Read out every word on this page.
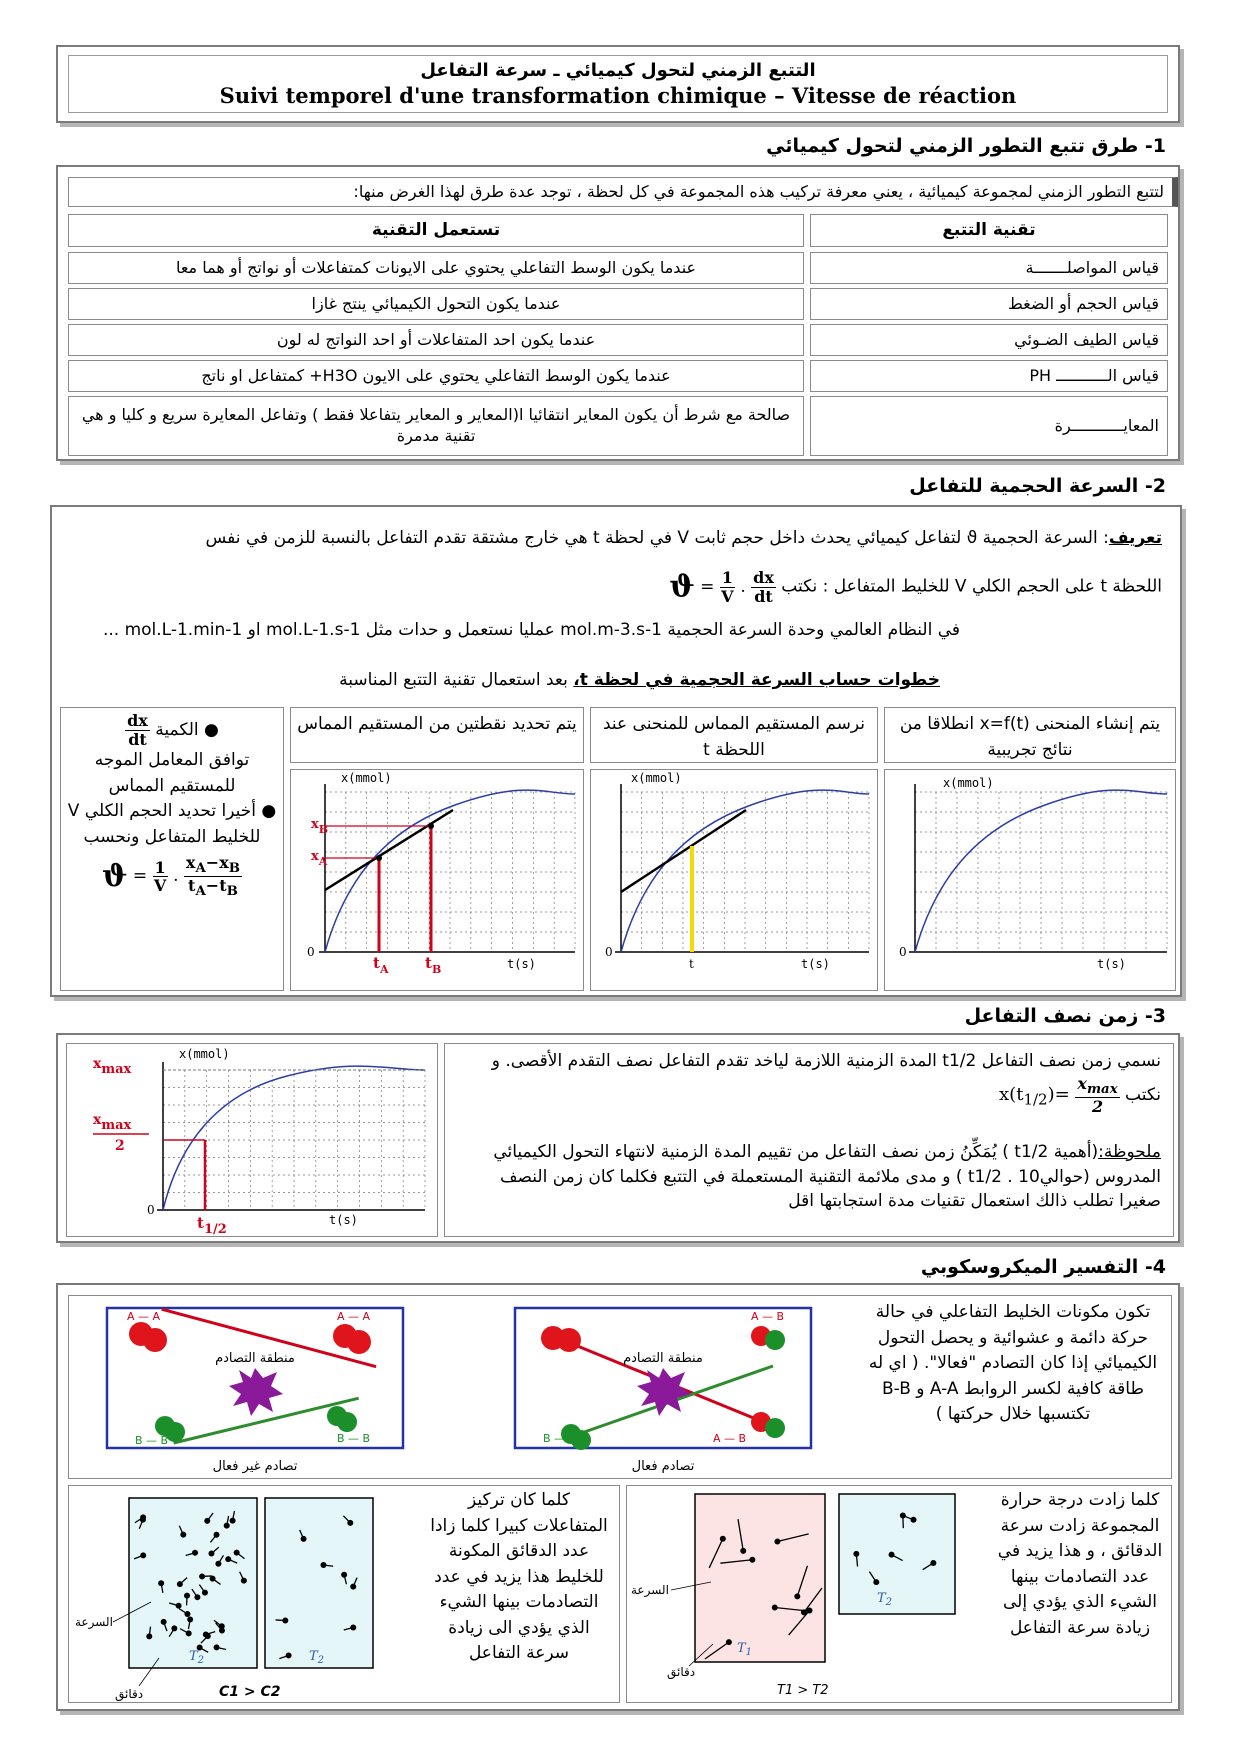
التتبع الزمني لتحول كيميائي ـ سرعة التفاعل
Suivi temporel d'une transformation chimique – Vitesse de réaction
1- طرق تتبع التطور الزمني لتحول كيميائي
لتتبع التطور الزمني لمجموعة كيميائية ، يعني معرفة تركيب هذه المجموعة في كل لحظة ، توجد عدة طرق لهذا الغرض منها:
تقنية التتبع
تستعمل التقنية
قياس المواصلـــــــة
عندما يكون الوسط التفاعلي يحتوي على الايونات كمتفاعلات أو نواتج أو هما معا
قياس الحجم أو الضغط
عندما يكون التحول الكيميائي ينتج غازا
قياس الطيف الضـوئي
عندما يكون احد المتفاعلات أو احد النواتج له لون
قياس الـــــــــــ PH
عندما يكون الوسط التفاعلي يحتوي على الايون H3O+ كمتفاعل او ناتج
المعايـــــــــــرة
صالحة مع شرط أن يكون المعاير انتقائيا ا(المعاير و المعاير يتفاعلا فقط ) وتفاعل المعايرة سريع و كليا و هي تقنية مدمرة
2- السرعة الحجمية للتفاعل
تعريف: السرعة الحجمية ϑ لتفاعل كيميائي يحدث داخل حجم ثابت V في لحظة t هي خارج مشتقة تقدم التفاعل بالنسبة للزمن في نفس
اللحظة t على الحجم الكلي V للخليط المتفاعل : نكتب $ϑ = \frac{1}{V}$ . $\frac{dx}{dt}$
في النظام العالمي وحدة السرعة الحجمية mol.m-3.s-1 عمليا نستعمل و حدات مثل mol.L-1.s-1 او mol.L-1.min-1 ...
خطوات حساب السرعة الحجمية في لحظة t، بعد استعمال تقنية التتبع المناسبة
يتم إنشاء المنحنى x=f(t) انطلاقا من نتائج تجريبية
نرسم المستقيم المماس للمنحنى عند اللحظة t
يتم تحديد نقطتين من المستقيم المماس
x(mmol)
t(s)
0
x(mmol)
t(s)
0
t
$x_B$
$x_A$
$t_A$ $t_B$
x(mmol)
t(s)
0
● الكمية
$\frac{dx}{dt}$
توافق المعامل الموجه للمستقيم المماس
● أخيرا تحديد الحجم الكلي V للخليط المتفاعل ونحسب
$ϑ = \frac{1}{V}$ . $\frac{x_A-x_B}{t_A-t_B}$
3- زمن نصف التفاعل
x(mmol)
t(s)
0
xmax
xmax
2
t1/2
نسمي زمن نصف التفاعل t1/2 المدة الزمنية اللازمة لياخد تقدم التفاعل نصف التقدم الأقصى. و نكتب $x(t_{1/2})= \frac{x_{max}}{2}$
ملحوظة:(أهمية t1/2 ) يُمَكِّنُ زمن نصف التفاعل من تقييم المدة الزمنية لانتهاء التحول الكيميائي المدروس (حوالي10 . t1/2 ) و مدى ملائمة التقنية المستعملة في التتبع فكلما كان زمن النصف صغيرا تطلب ذالك استعمال تقنيات مدة استجابتها اقل
4- التفسير الميكروسكوبي
تكون مكونات الخليط التفاعلي في حالة حركة دائمة و عشوائية و يحصل التحول الكيميائي إذا كان التصادم "فعالا". ( اي له طاقة كافية لكسر الروابط A-A و B-B تكتسبها خلال حركتها )
منطقة التصادم
A — B
A — B
B — B
تصادم فعال
منطقة التصادم
A — A	A — A
B — B	B — B
تصادم غير فعال
كلما زادت درجة حرارة المجموعة زادت سرعة الدقائق ، و هذا يزيد في عدد التصادمات بينها الشيء الذي يؤدي إلى زيادة سرعة التفاعل
$T_1$
$T_2$
السرعة
دقائق
T1 > T2
كلما كان تركيز المتفاعلات كبيرا كلما زادا عدد الدقائق المكونة للخليط هذا يزيد في عدد التصادمات بينها الشيء الذي يؤدي الى زيادة سرعة التفاعل
$T_2$	$T_2$
السرعة
دقائق	C1 > C2
